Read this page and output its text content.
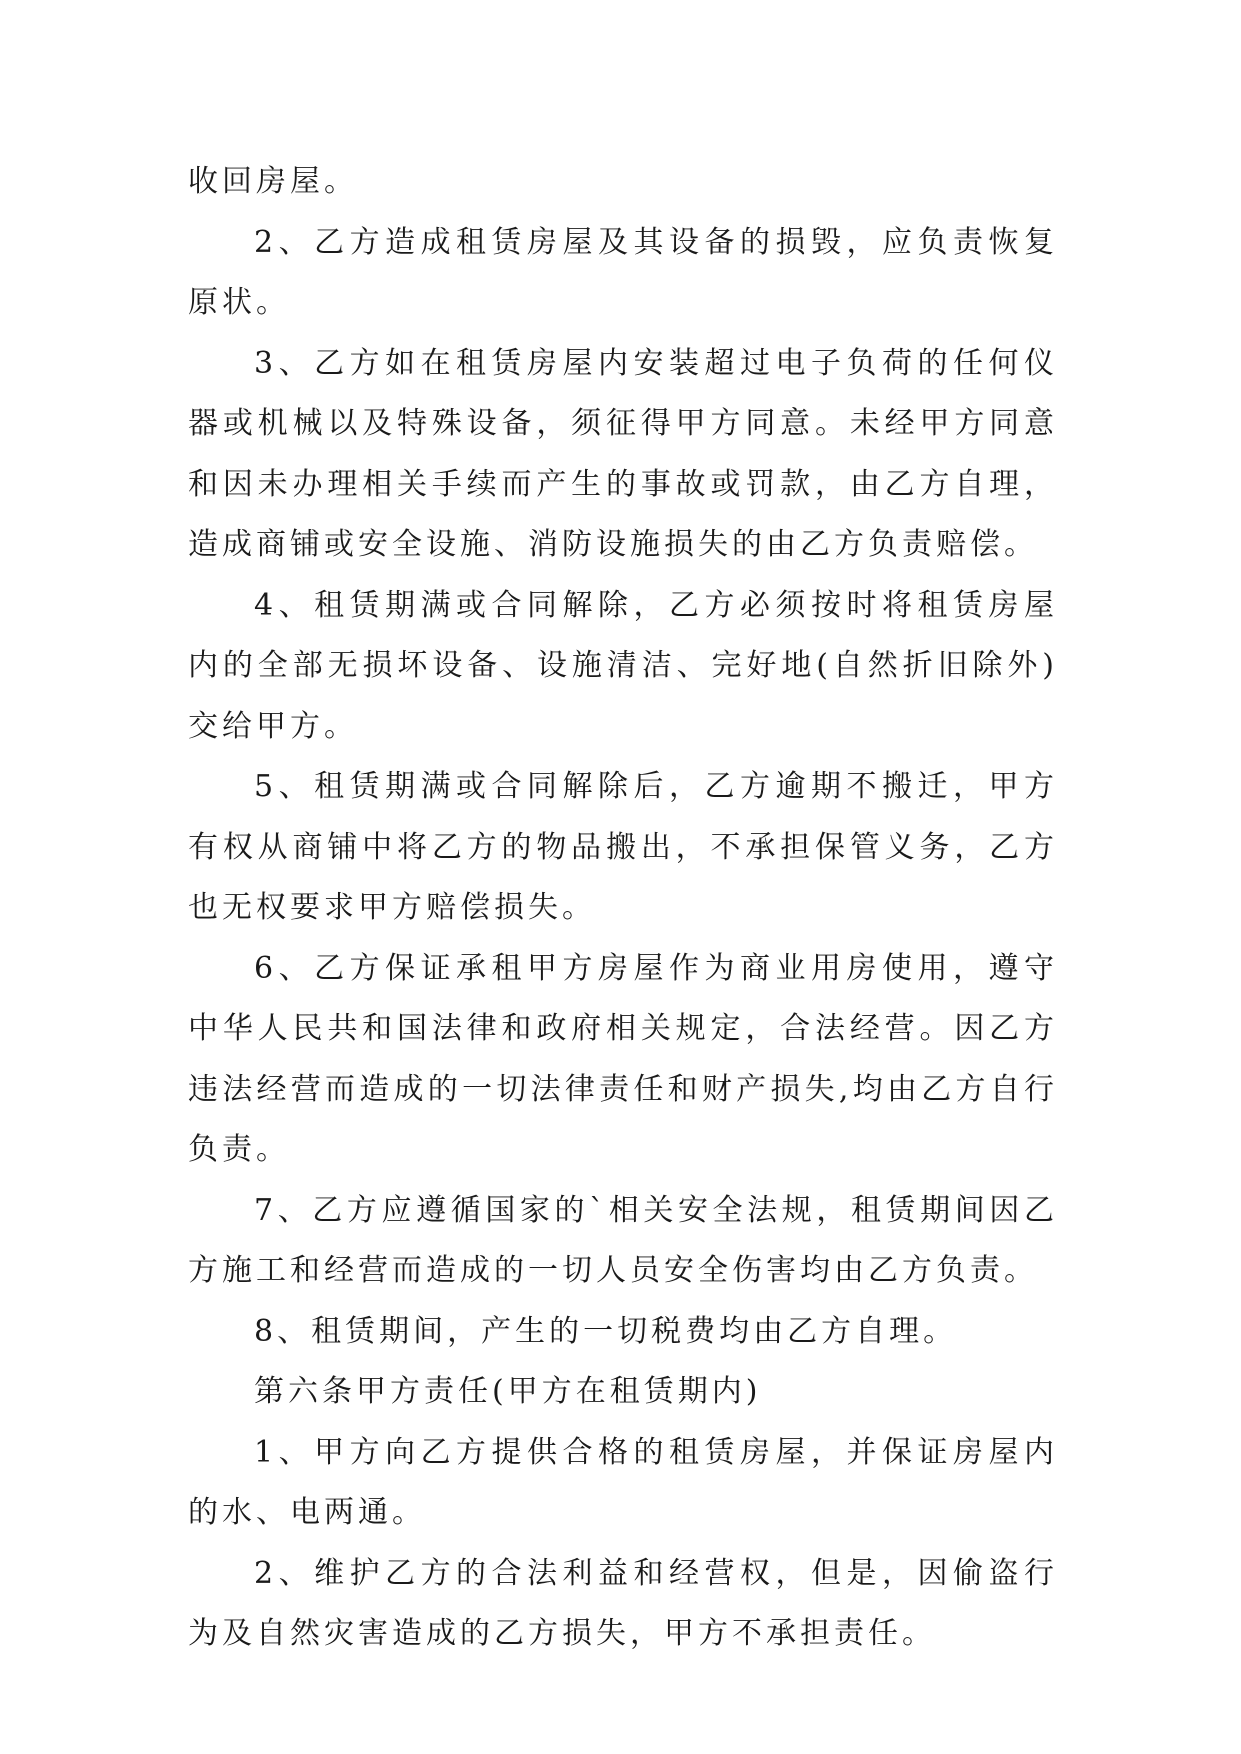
收回房屋。

2、乙方造成租赁房屋及其设备的损毁，应负责恢复原状。

3、乙方如在租赁房屋内安装超过电子负荷的任何仪器或机械以及特殊设备，须征得甲方同意。未经甲方同意和因未办理相关手续而产生的事故或罚款，由乙方自理，造成商铺或安全设施、消防设施损失的由乙方负责赔偿。

4、租赁期满或合同解除，乙方必须按时将租赁房屋内的全部无损坏设备、设施清洁、完好地(自然折旧除外)交给甲方。

5、租赁期满或合同解除后，乙方逾期不搬迁，甲方有权从商铺中将乙方的物品搬出，不承担保管义务，乙方也无权要求甲方赔偿损失。

6、乙方保证承租甲方房屋作为商业用房使用，遵守中华人民共和国法律和政府相关规定，合法经营。因乙方违法经营而造成的一切法律责任和财产损失,均由乙方自行负责。

7、乙方应遵循国家的`相关安全法规，租赁期间因乙方施工和经营而造成的一切人员安全伤害均由乙方负责。

8、租赁期间，产生的一切税费均由乙方自理。

第六条甲方责任(甲方在租赁期内)

1、甲方向乙方提供合格的租赁房屋，并保证房屋内的水、电两通。

2、维护乙方的合法利益和经营权，但是，因偷盗行为及自然灾害造成的乙方损失，甲方不承担责任。
